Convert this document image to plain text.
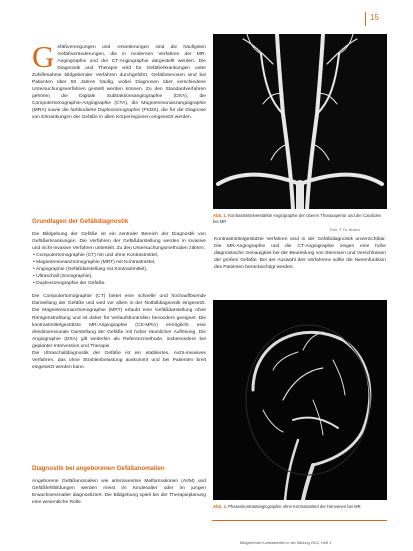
15
G efäßverengungen und -erweiterungen sind die häufigsten Gefäßveränderungen, die in modernen Verfahren der MR-Angiographie und der CT-Angiographie dargestellt werden. Die Diagnostik und Therapie wird für Gefäßerkrankungen unter Zuhilfenahme bildgebender Verfahren durchgeführt. Gefäßstenosen sind bei Patienten über 50 Jahren häufig, wobei Diagnosen über verschiedene Untersuchungsverfahren gestellt werden können. Zu den Standardverfahren gehören die Digitale Subtraktionsangiographie (DSA), die Computertomographie-Angiographie (CTA), die Magnetresonanzangiographie (MRA) sowie die farbkodierte Duplexsonographie (FKDS), die für die Diagnose von Erkrankungen der Gefäße in allen Körperregionen eingesetzt werden.

Abb. 1. Kontrastmittelverstärkte Angiographie der oberen Thoraxapertur und der Carotiden bei MR
Foto: © Fa. Bracco
Grundlagen der Gefäßdiagnostik

Die Bildgebung der Gefäße ist ein zentraler Bereich der Diagnostik von Gefäßerkrankungen. Die Verfahren der Gefäßdarstellung werden in invasive und nicht-invasive Verfahren unterteilt. Zu den Untersuchungsmethoden zählen:

• Computertomographie (CT) mit und ohne Kontrastmittel,

• Magnetresonanztomographie (MRT) mit Kontrastmittel,

• Angiographie (Gefäßdarstellung mit Kontrastmittel),

• Ultraschall (Sonographie),

• Duplexsonographie der Gefäße.

Die Computertomographie (CT) bietet eine schnelle und hochauflösende Darstellung der Gefäße und wird vor allem in der Notfalldiagnostik eingesetzt. Die Magnetresonanztomographie (MRT) erlaubt eine Gefäßdarstellung ohne Röntgenstrahlung und ist daher für Verlaufskontrollen besonders geeignet. Die kontrastmittelgestützte MR-Angiographie (CE-MRA) ermöglicht eine dreidimensionale Darstellung der Gefäße mit hoher räumlicher Auflösung. Die Angiographie (DSA) gilt weiterhin als Referenzmethode, insbesondere bei geplanter Intervention und Therapie.

Die Ultraschalldiagnostik der Gefäße ist ein etabliertes, nicht-invasives Verfahren, das ohne Strahlenbelastung auskommt und bei Patienten breit eingesetzt werden kann.

Kontrastmittelgestützte Verfahren sind in der Gefäßdiagnostik unverzichtbar. Die MR-Angiographie und die CT-Angiographie zeigen eine hohe diagnostische Genauigkeit bei der Beurteilung von Stenosen und Verschlüssen der großen Gefäße. Bei der Auswahl des Verfahrens sollte die Nierenfunktion des Patienten berücksichtigt werden.

Abb. 2. Phasenkontrastangiographie ohne Kontrastmittel der Hirnvenen bei MR
Diagnostik bei angeborenen Gefäßanomalien

Angeborene Gefäßanomalien wie arteriovenöse Malformationen (AVM) und Gefäßfehlbildungen werden meist im Kindesalter oder im jungen Erwachsenenalter diagnostiziert. Die Bildgebung spielt bei der Therapieplanung eine wesentliche Rolle.

Bildgebende Kontrastmittel in der Bildung 2012, Heft 1
